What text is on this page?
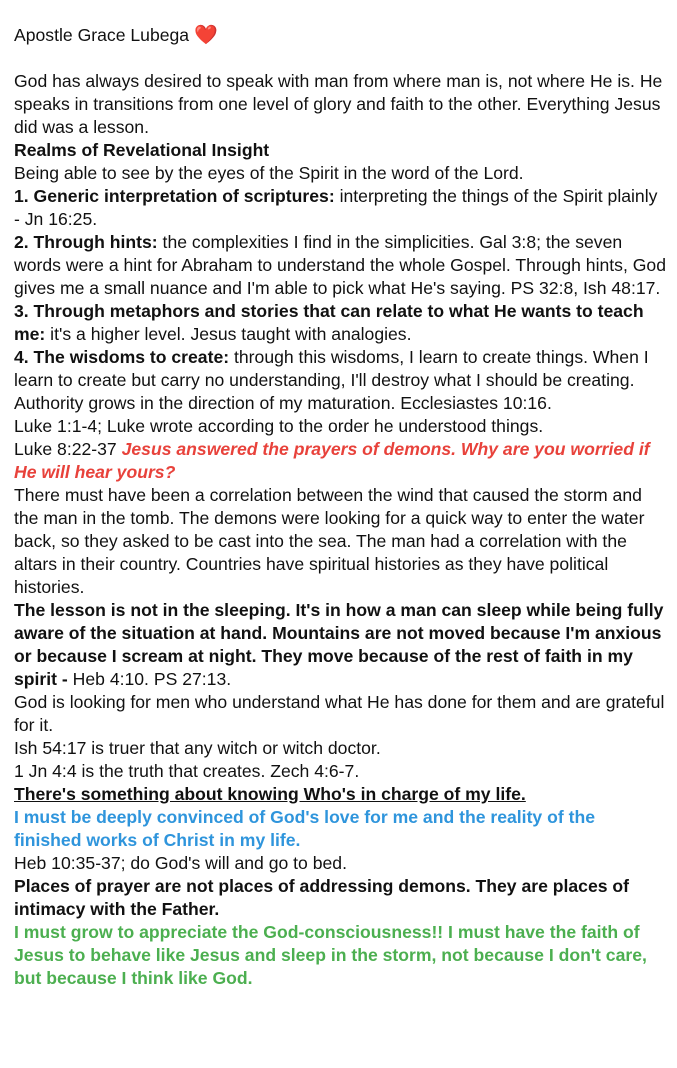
Apostle Grace Lubega ❤️

God has always desired to speak with man from where man is, not where He is. He speaks in transitions from one level of glory and faith to the other. Everything Jesus did was a lesson.

Realms of Revelational Insight

Being able to see by the eyes of the Spirit in the word of the Lord.

1. Generic interpretation of scriptures: interpreting the things of the Spirit plainly - Jn 16:25.

2. Through hints: the complexities I find in the simplicities. Gal 3:8; the seven words were a hint for Abraham to understand the whole Gospel. Through hints, God gives me a small nuance and I'm able to pick what He's saying. PS 32:8, Ish 48:17.

3. Through metaphors and stories that can relate to what He wants to teach me: it's a higher level. Jesus taught with analogies.

4. The wisdoms to create: through this wisdoms, I learn to create things. When I learn to create but carry no understanding, I'll destroy what I should be creating. Authority grows in the direction of my maturation. Ecclesiastes 10:16.

Luke 1:1-4; Luke wrote according to the order he understood things.

Luke 8:22-37 Jesus answered the prayers of demons. Why are you worried if He will hear yours?

There must have been a correlation between the wind that caused the storm and the man in the tomb. The demons were looking for a quick way to enter the water back, so they asked to be cast into the sea. The man had a correlation with the altars in their country. Countries have spiritual histories as they have political histories.

The lesson is not in the sleeping. It's in how a man can sleep while being fully aware of the situation at hand. Mountains are not moved because I'm anxious or because I scream at night. They move because of the rest of faith in my spirit - Heb 4:10. PS 27:13.

God is looking for men who understand what He has done for them and are grateful for it.

Ish 54:17 is truer that any witch or witch doctor.

1 Jn 4:4 is the truth that creates. Zech 4:6-7.

There's something about knowing Who's in charge of my life.

I must be deeply convinced of God's love for me and the reality of the finished works of Christ in my life.

Heb 10:35-37; do God's will and go to bed.

Places of prayer are not places of addressing demons. They are places of intimacy with the Father.

I must grow to appreciate the God-consciousness!! I must have the faith of Jesus to behave like Jesus and sleep in the storm, not because I don't care, but because I think like God.
